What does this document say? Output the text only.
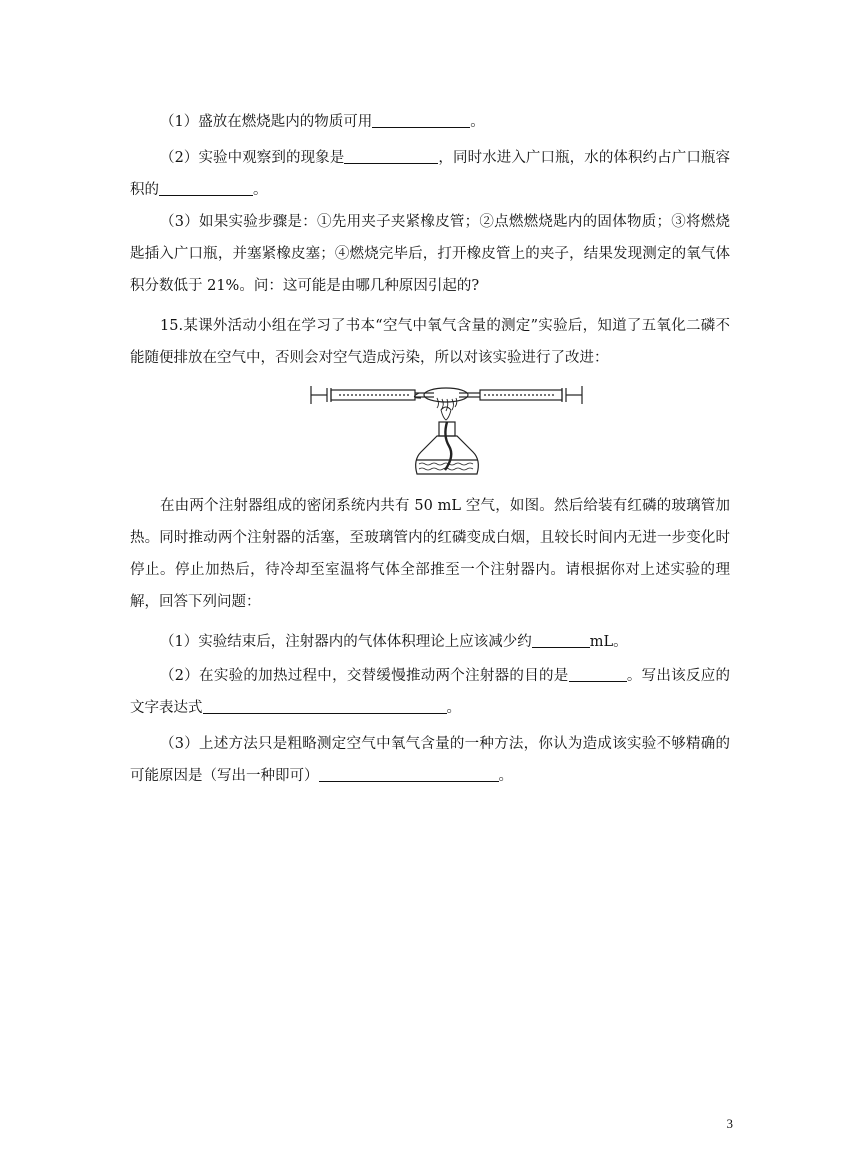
（1）盛放在燃烧匙内的物质可用	。

（2）实验中观察到的现象是	，同时水进入广口瓶，水的体积约占广口瓶容积的	。

（3）如果实验步骤是：①先用夹子夹紧橡皮管；②点燃燃烧匙内的固体物质；③将燃烧匙插入广口瓶，并塞紧橡皮塞；④燃烧完毕后，打开橡皮管上的夹子，结果发现测定的氧气体积分数低于 21%。问：这可能是由哪几种原因引起的?

15.某课外活动小组在学习了书本“空气中氧气含量的测定”实验后，知道了五氧化二磷不能随便排放在空气中，否则会对空气造成污染，所以对该实验进行了改进：

在由两个注射器组成的密闭系统内共有 50 mL 空气，如图。然后给装有红磷的玻璃管加热。同时推动两个注射器的活塞，至玻璃管内的红磷变成白烟，且较长时间内无进一步变化时停止。停止加热后，待冷却至室温将气体全部推至一个注射器内。请根据你对上述实验的理解，回答下列问题：

（1）实验结束后，注射器内的气体体积理论上应该减少约	mL。

（2）在实验的加热过程中，交替缓慢推动两个注射器的目的是	。写出该反应的文字表达式	。

（3）上述方法只是粗略测定空气中氧气含量的一种方法，你认为造成该实验不够精确的可能原因是（写出一种即可）	。

3
